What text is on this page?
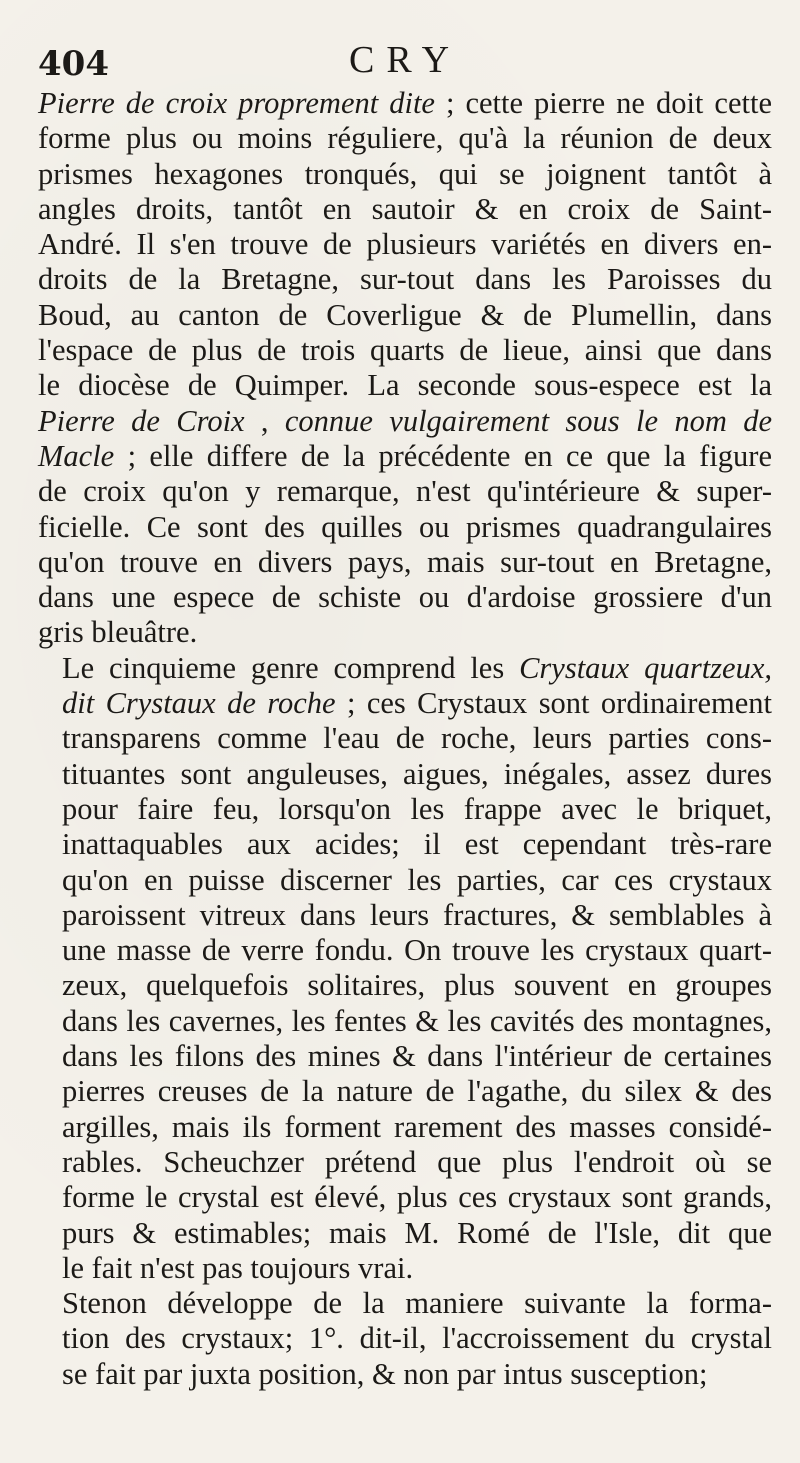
404	CRY

Pierre de croix proprement dite ; cette pierre ne doit cette
forme plus ou moins réguliere, qu'à la réunion de deux
prismes hexagones tronqués, qui se joignent tantôt à
angles droits, tantôt en sautoir & en croix de Saint-
André. Il s'en trouve de plusieurs variétés en divers en-
droits de la Bretagne, sur-tout dans les Paroisses du
Boud, au canton de Coverligue & de Plumellin, dans
l'espace de plus de trois quarts de lieue, ainsi que dans
le diocèse de Quimper. La seconde sous-espece est la
Pierre de Croix , connue vulgairement sous le nom de
Macle ; elle differe de la précédente en ce que la figure
de croix qu'on y remarque, n'est qu'intérieure & super-
ficielle. Ce sont des quilles ou prismes quadrangulaires
qu'on trouve en divers pays, mais sur-tout en Bretagne,
dans une espece de schiste ou d'ardoise grossiere d'un
gris bleuâtre.

Le cinquieme genre comprend les Crystaux quartzeux,
dit Crystaux de roche ; ces Crystaux sont ordinairement
transparens comme l'eau de roche, leurs parties cons-
tituantes sont anguleuses, aigues, inégales, assez dures
pour faire feu, lorsqu'on les frappe avec le briquet,
inattaquables aux acides; il est cependant très-rare
qu'on en puisse discerner les parties, car ces crystaux
paroissent vitreux dans leurs fractures, & semblables à
une masse de verre fondu. On trouve les crystaux quart-
zeux, quelquefois solitaires, plus souvent en groupes
dans les cavernes, les fentes & les cavités des montagnes,
dans les filons des mines & dans l'intérieur de certaines
pierres creuses de la nature de l'agathe, du silex & des
argilles, mais ils forment rarement des masses considé-
rables. Scheuchzer prétend que plus l'endroit où se
forme le crystal est élevé, plus ces crystaux sont grands,
purs & estimables; mais M. Romé de l'Isle, dit que
le fait n'est pas toujours vrai.

Stenon développe de la maniere suivante la forma-
tion des crystaux; 1°. dit-il, l'accroissement du crystal
se fait par juxta position, & non par intus susception;
